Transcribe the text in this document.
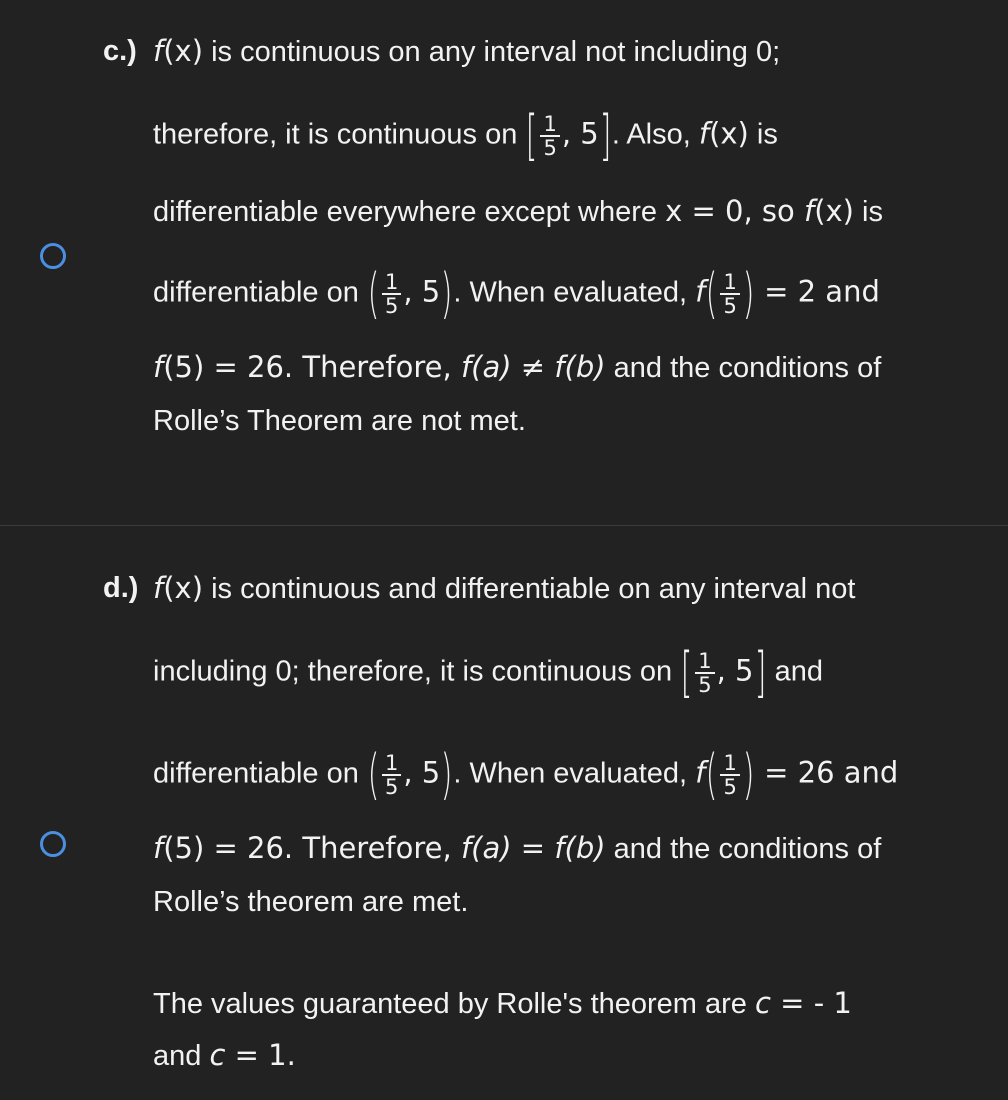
c.) f(x) is continuous on any interval not including 0;
therefore, it is continuous on [ $\frac{1}{5}$ , 5]. Also, f(x) is
differentiable everywhere except where x = 0, so f(x) is
differentiable on ( $\frac{1}{5}$ , 5). When evaluated, $f( \frac{1}{5}$ ) = 2 and
f(5) = 26. Therefore, f(a) ≠ f(b) and the conditions of
Rolle’s Theorem are not met.
d.) f(x) is continuous and differentiable on any interval not
including 0; therefore, it is continuous on [ $\frac{1}{5}$ , 5] and
differentiable on ( $\frac{1}{5}$ , 5). When evaluated, $f( \frac{1}{5}$ ) = 26 and
f(5) = 26. Therefore, f(a) = f(b) and the conditions of
Rolle’s theorem are met.
The values guaranteed by Rolle's theorem are c = - 1
and c = 1.
